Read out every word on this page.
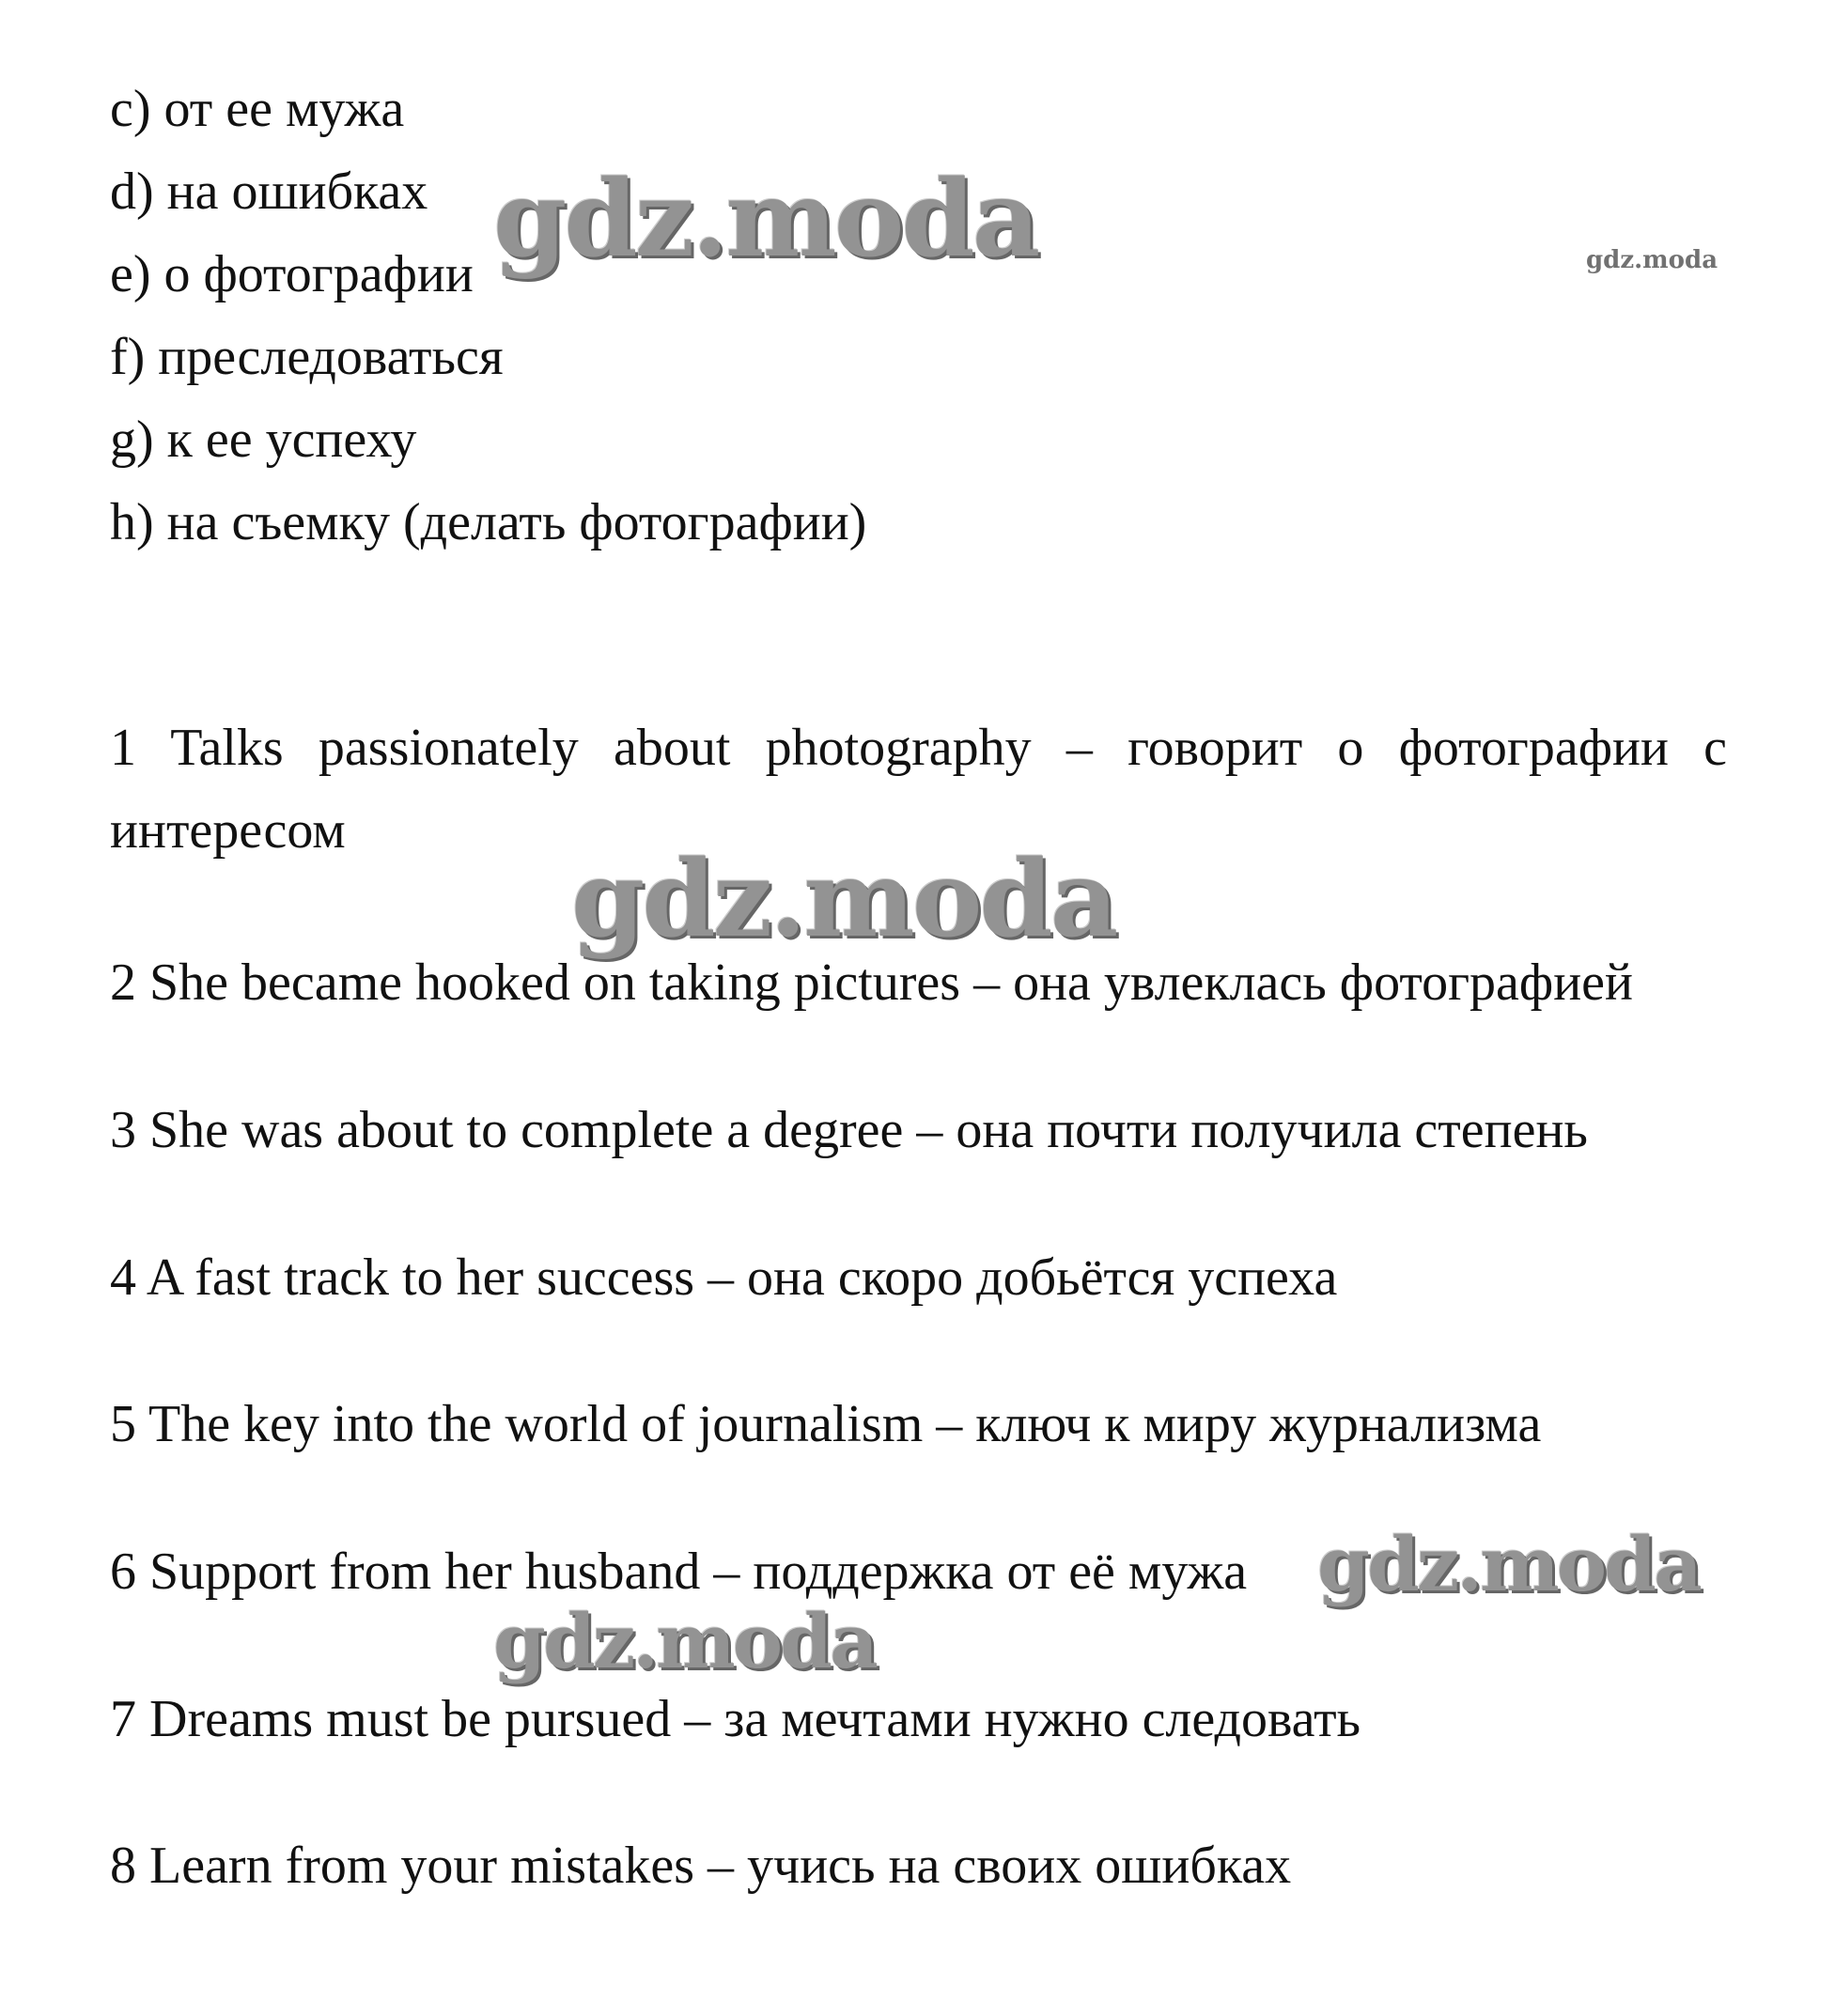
c) от ее мужа
d) на ошибках
e) о фотографии
f) преследоваться
g) к ее успеху
h) на съемку (делать фотографии)
1 Talks passionately about photography – говорит о фотографии с интересом
2 She became hooked on taking pictures – она увлеклась фотографией
3 She was about to complete a degree – она почти получила степень
4 A fast track to her success – она скоро добьётся успеха
5 The key into the world of journalism – ключ к миру журнализма
6 Support from her husband – поддержка от её мужа
7 Dreams must be pursued – за мечтами нужно следовать
8 Learn from your mistakes – учись на своих ошибках
gdz.moda	gdz.moda
gdz.moda
gdz.moda
gdz.moda
